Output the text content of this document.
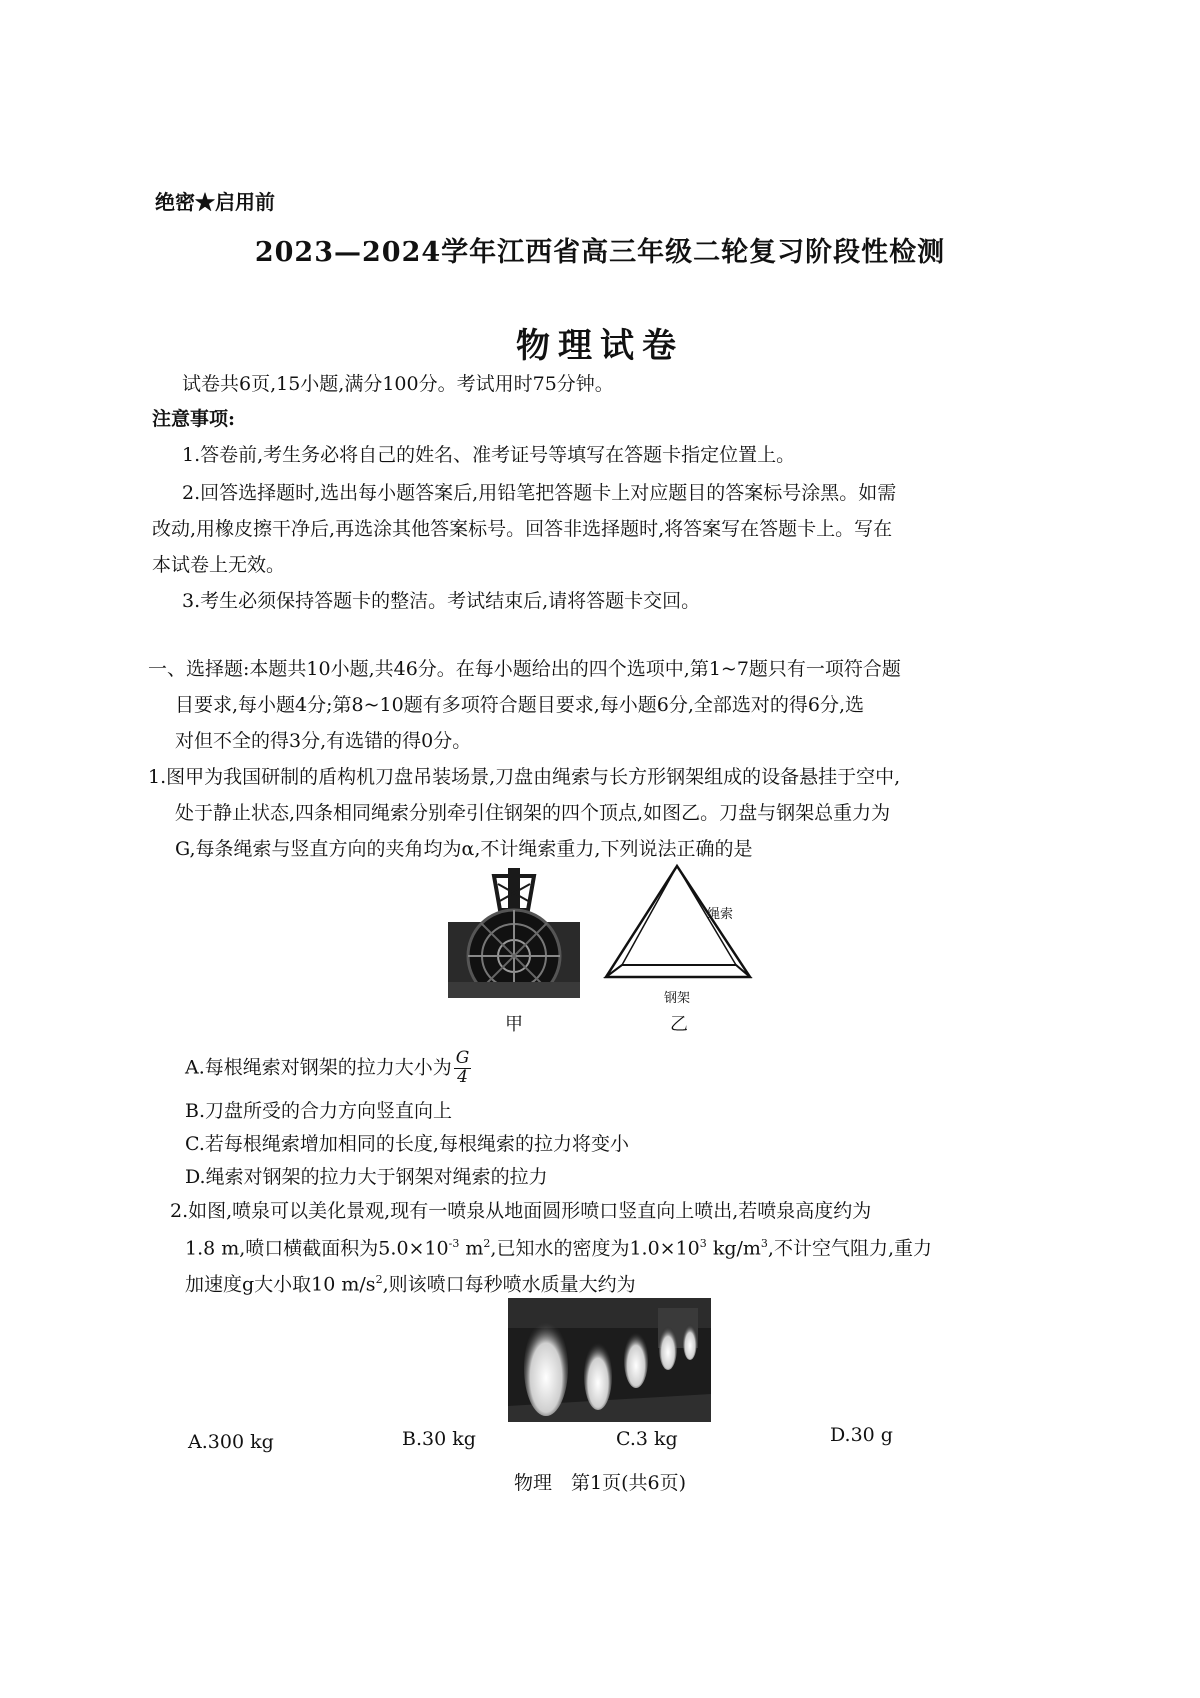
绝密★启用前
2023—2024学年江西省高三年级二轮复习阶段性检测
物理试卷
试卷共6页,15小题,满分100分。考试用时75分钟。
注意事项:
1.答卷前,考生务必将自己的姓名、准考证号等填写在答题卡指定位置上。
2.回答选择题时,选出每小题答案后,用铅笔把答题卡上对应题目的答案标号涂黑。如需
改动,用橡皮擦干净后,再选涂其他答案标号。回答非选择题时,将答案写在答题卡上。写在
本试卷上无效。
3.考生必须保持答题卡的整洁。考试结束后,请将答题卡交回。
一、选择题:本题共10小题,共46分。在每小题给出的四个选项中,第1~7题只有一项符合题
目要求,每小题4分;第8~10题有多项符合题目要求,每小题6分,全部选对的得6分,选
对但不全的得3分,有选错的得0分。
1.图甲为我国研制的盾构机刀盘吊装场景,刀盘由绳索与长方形钢架组成的设备悬挂于空中,
处于静止状态,四条相同绳索分别牵引住钢架的四个顶点,如图乙。刀盘与钢架总重力为
G,每条绳索与竖直方向的夹角均为α,不计绳索重力,下列说法正确的是
绳索
钢架
甲	乙
A.每根绳索对钢架的拉力大小为 $\frac{G}{4}$
B.刀盘所受的合力方向竖直向上
C.若每根绳索增加相同的长度,每根绳索的拉力将变小
D.绳索对钢架的拉力大于钢架对绳索的拉力
2.如图,喷泉可以美化景观,现有一喷泉从地面圆形喷口竖直向上喷出,若喷泉高度约为
1.8 m,喷口横截面积为$5.0\times 10^{-3}$ $m^2$,已知水的密度为$1.0\times 10^3$ $kg/m^3$,不计空气阻力,重力
加速度g大小取10 $m/s^2$,则该喷口每秒喷水质量大约为
A.300 kg	B.30 kg	C.3 kg	D.30 g
物理　第1页(共6页)
